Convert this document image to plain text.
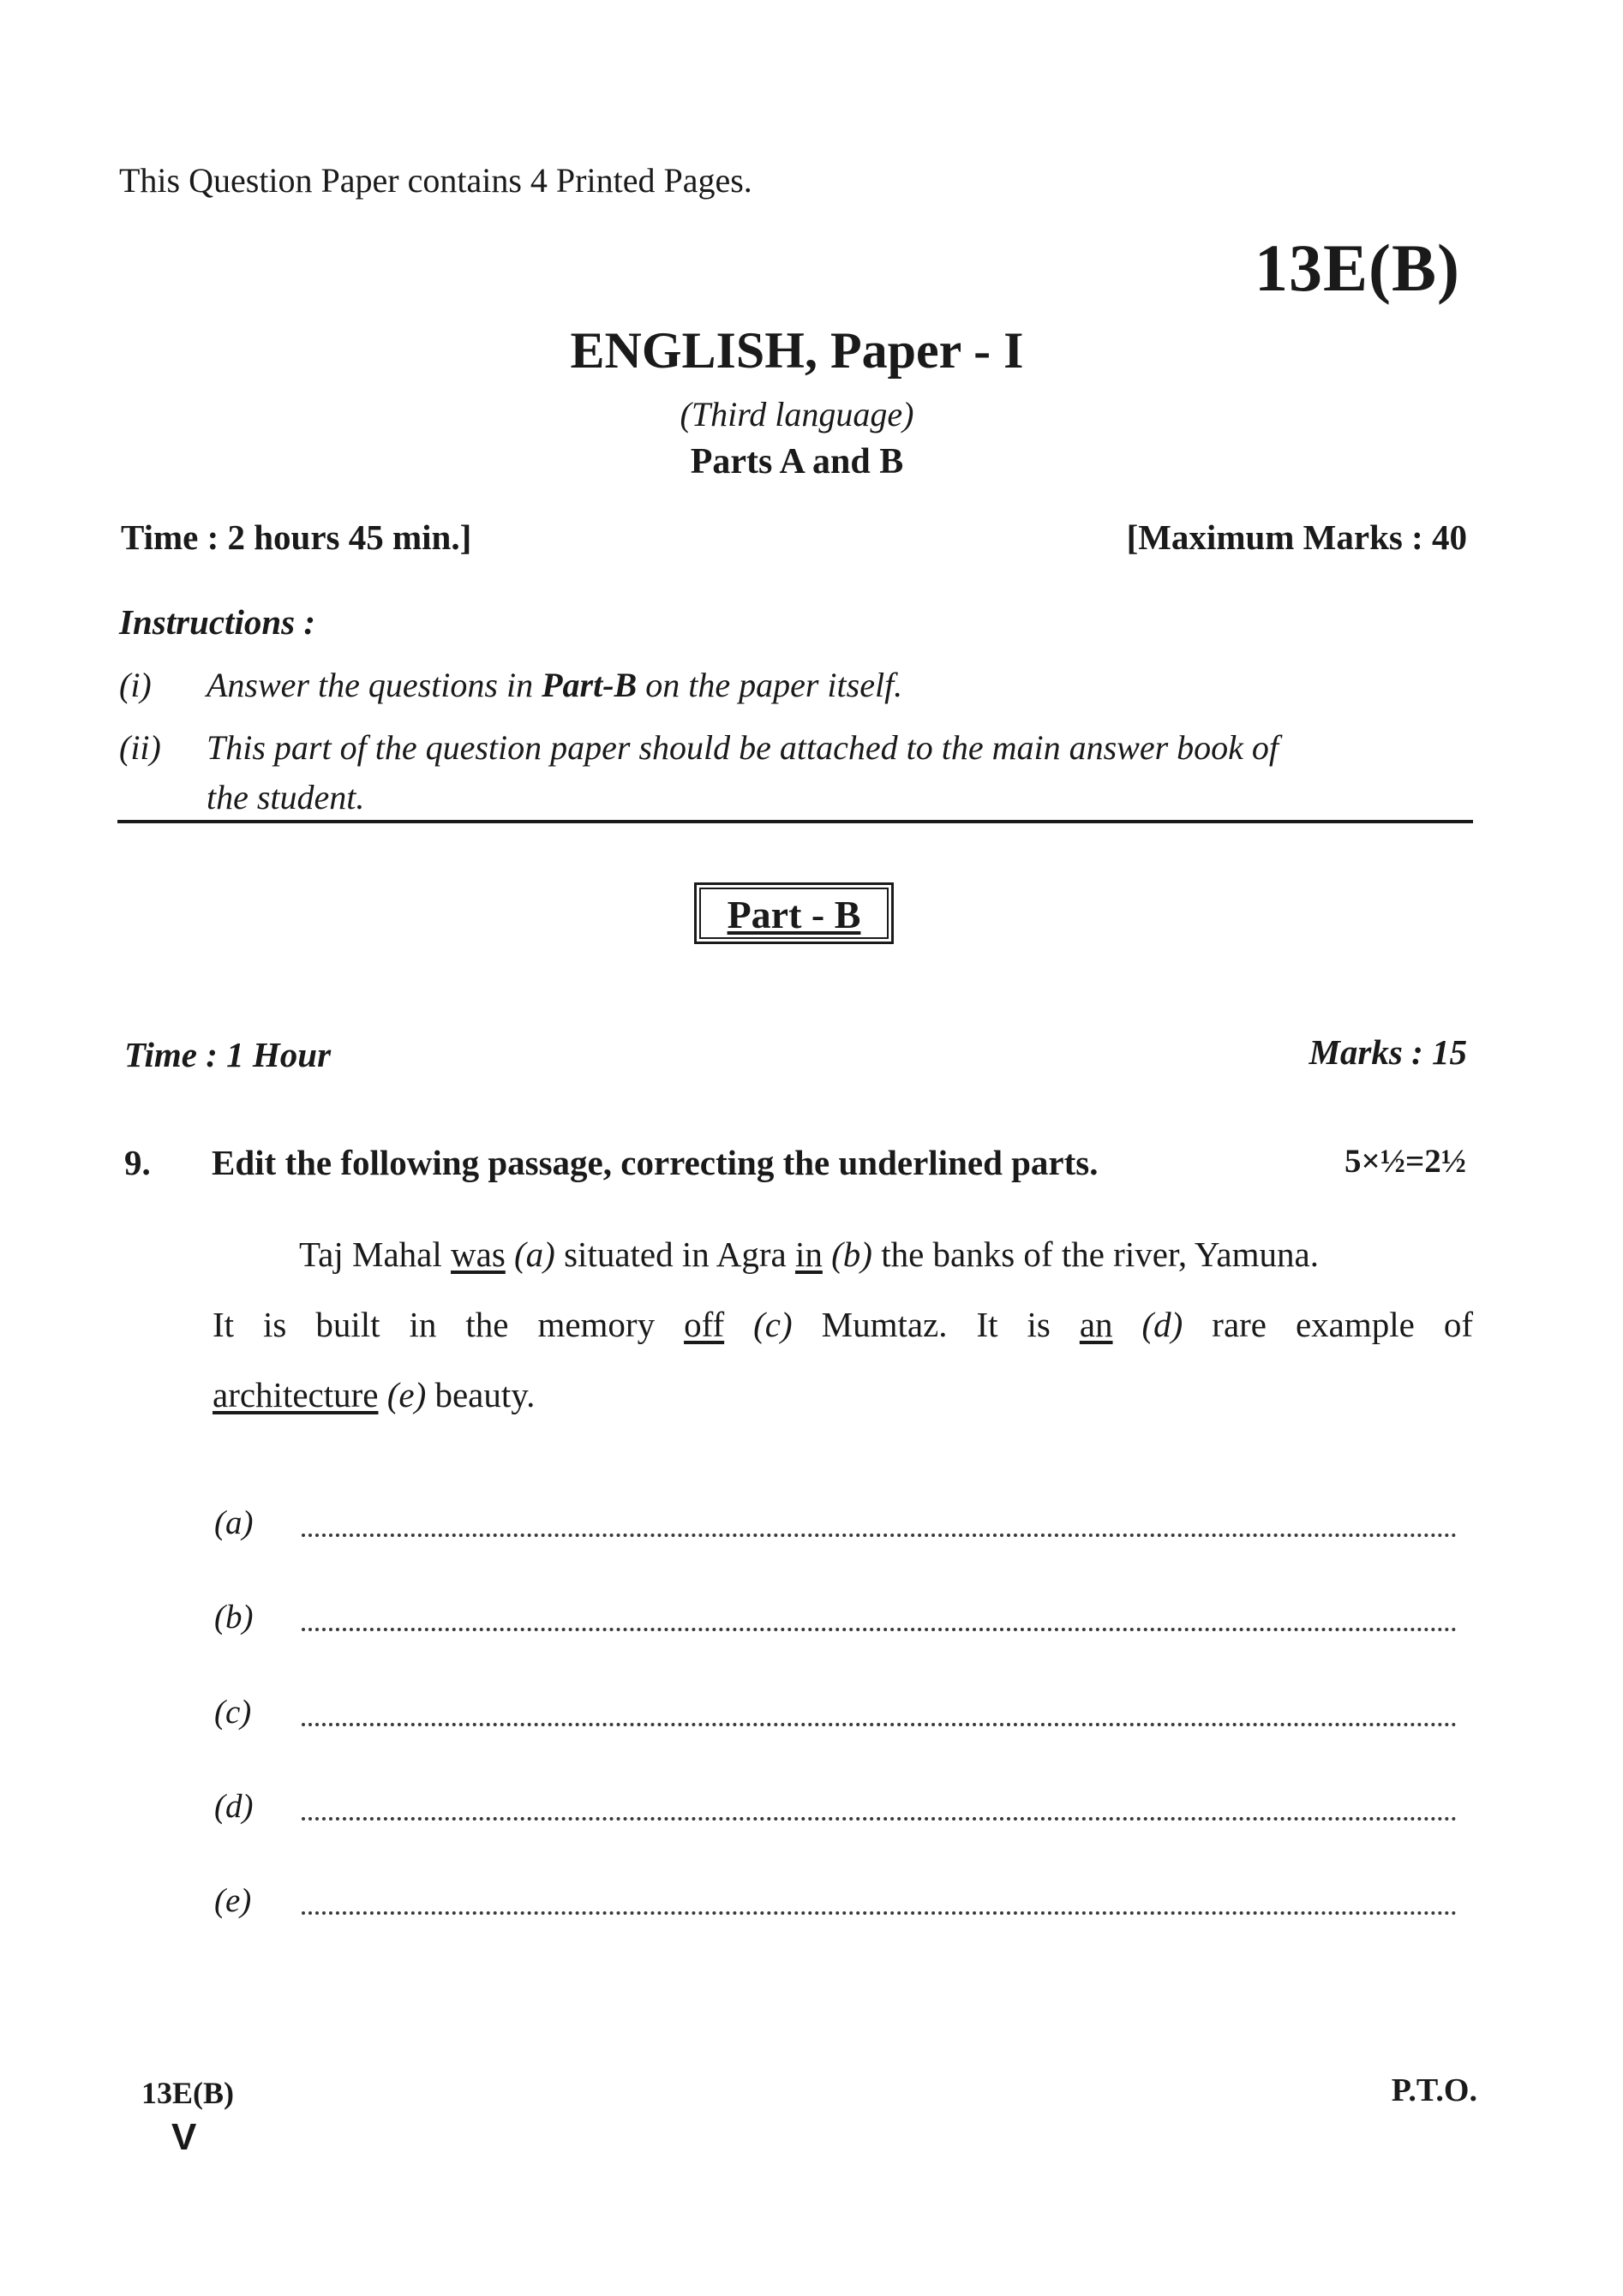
This Question Paper contains 4 Printed Pages.
13E(B)
ENGLISH, Paper - I
(Third language)
Parts A and B
Time : 2 hours 45 min.]	[Maximum Marks : 40
Instructions :
(i) Answer the questions in Part-B on the paper itself.
(ii) This part of the question paper should be attached to the main answer book of
the student.
Part - B
Time : 1 Hour	Marks : 15
9. Edit the following passage, correcting the underlined parts.	5×½=2½
Taj Mahal was (a) situated in Agra in (b) the banks of the river, Yamuna.
It is built in the memory off (c) Mumtaz. It is an (d) rare example of
architecture (e) beauty.
(a)
(b)
(c)
(d)
(e)
13E(B)
V
P.T.O.
